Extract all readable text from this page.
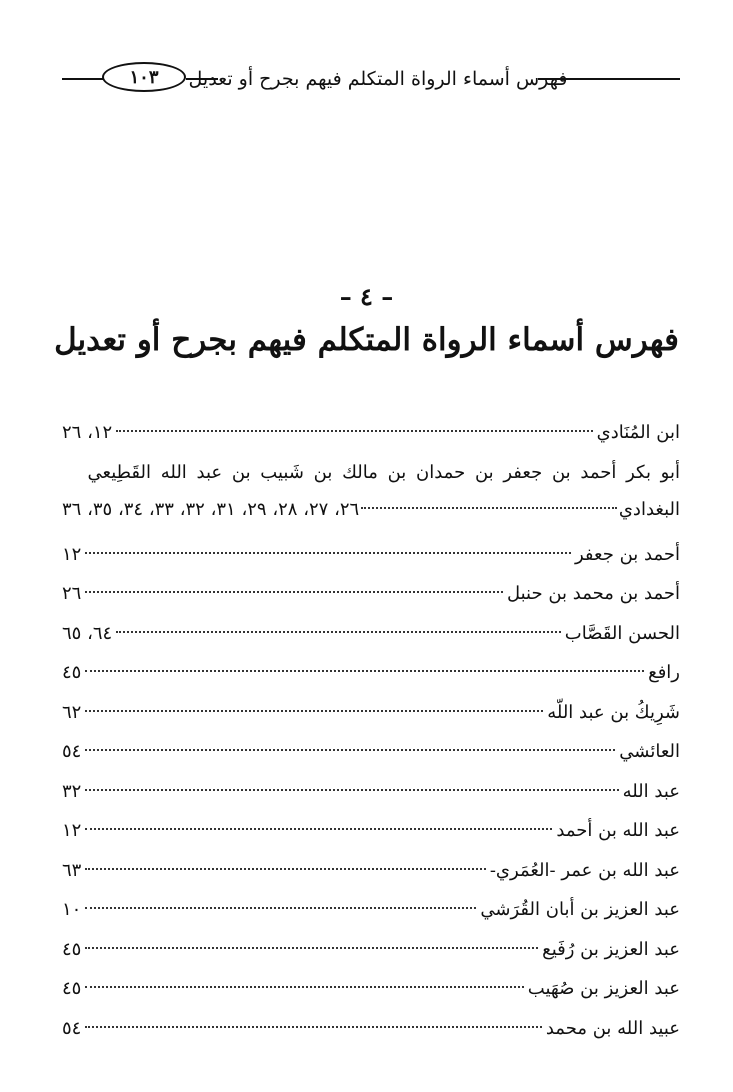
١٠٣	فهرس أسماء الرواة المتكلم فيهم بجرح أو تعديل
– ٤ –
فهرس أسماء الرواة المتكلم فيهم بجرح أو تعديل
ابن المُنَادي
١٢، ٢٦
أبو بكر أحمد بن جعفر بن حمدان بن مالك بن شَبيب بن عبد الله القَطِيعي
البغدادي
٢٦، ٢٧، ٢٨، ٢٩، ٣١، ٣٢، ٣٣، ٣٤، ٣٥، ٣٦
أحمد بن جعفر
١٢
أحمد بن محمد بن حنبل
٢٦
الحسن القَصَّاب
٦٤، ٦٥
رافع
٤٥
شَرِيكُ بن عبد اللّه
٦٢
العائشي
٥٤
عبد الله
٣٢
عبد الله بن أحمد
١٢
عبد الله بن عمر -العُمَري-
٦٣
عبد العزيز بن أبان القُرَشي
١٠
عبد العزيز بن رُفَيع
٤٥
عبد العزيز بن صُهَيب
٤٥
عبيد الله بن محمد
٥٤
